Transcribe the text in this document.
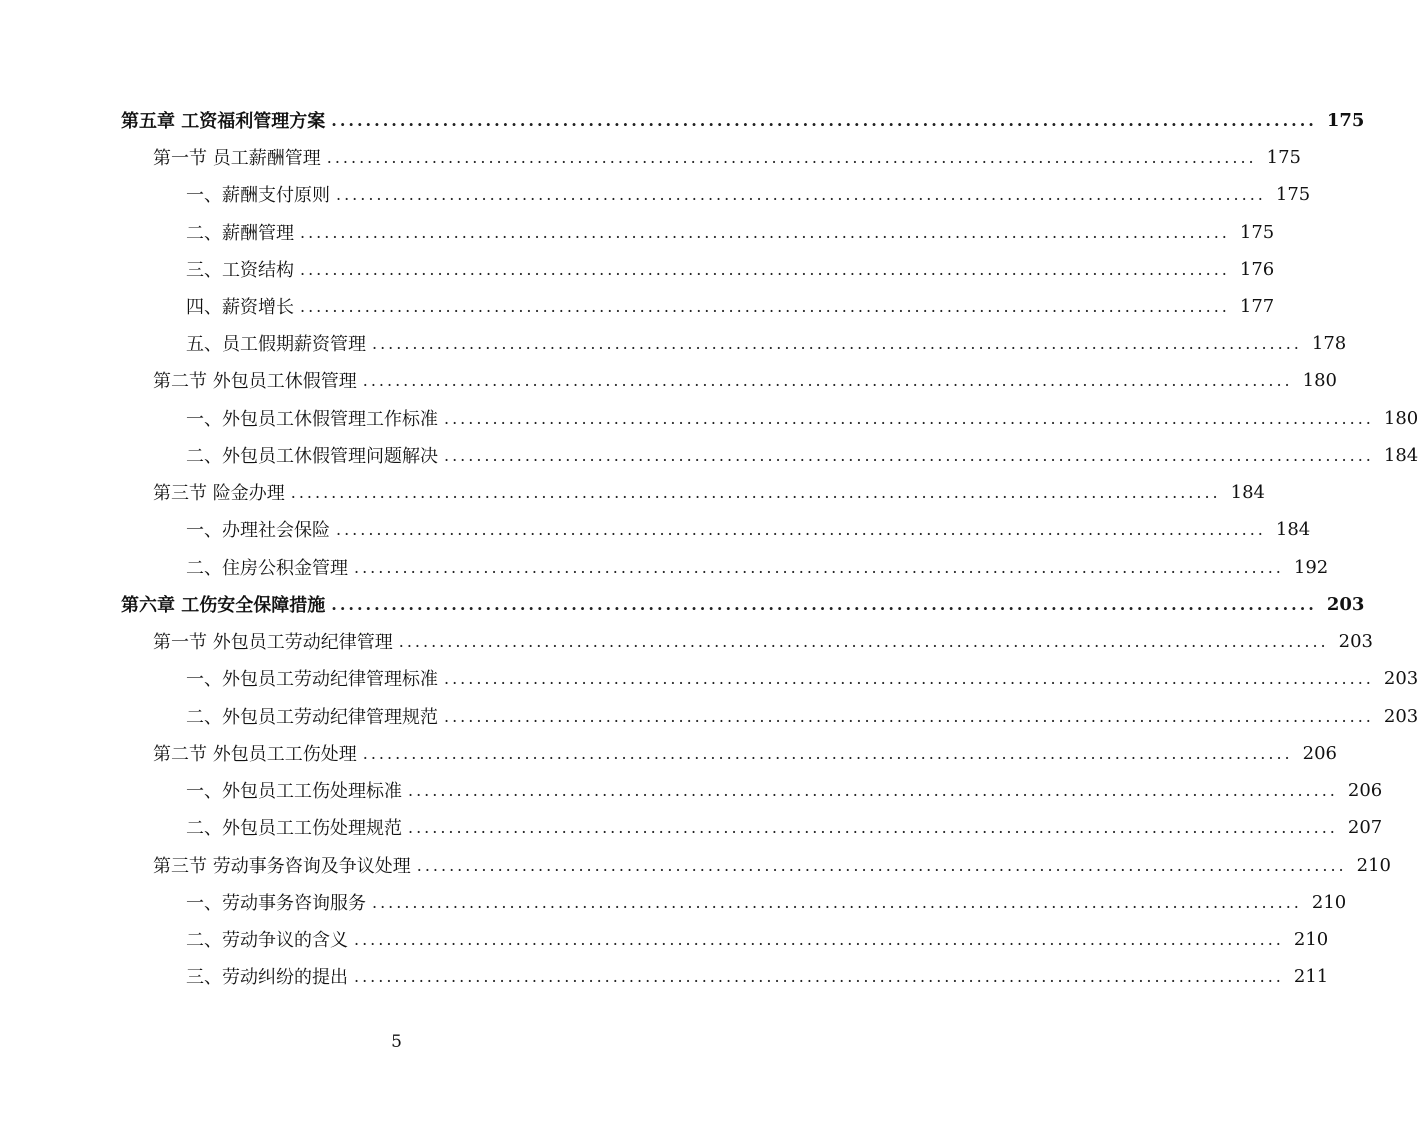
第五章 工资福利管理方案 ................................................................................................................... 175
第一节 员工薪酬管理 ................................................................................................................... 175
一、薪酬支付原则 ................................................................................................................... 175
二、薪酬管理 ................................................................................................................... 175
三、工资结构 ................................................................................................................... 176
四、薪资增长 ................................................................................................................... 177
五、员工假期薪资管理 ................................................................................................................... 178
第二节 外包员工休假管理 ................................................................................................................... 180
一、外包员工休假管理工作标准 ................................................................................................................... 180
二、外包员工休假管理问题解决 ................................................................................................................... 184
第三节 险金办理 ................................................................................................................... 184
一、办理社会保险 ................................................................................................................... 184
二、住房公积金管理 ................................................................................................................... 192
第六章 工伤安全保障措施 ................................................................................................................... 203
第一节 外包员工劳动纪律管理 ................................................................................................................... 203
一、外包员工劳动纪律管理标准 ................................................................................................................... 203
二、外包员工劳动纪律管理规范 ................................................................................................................... 203
第二节 外包员工工伤处理 ................................................................................................................... 206
一、外包员工工伤处理标准 ................................................................................................................... 206
二、外包员工工伤处理规范 ................................................................................................................... 207
第三节 劳动事务咨询及争议处理 ................................................................................................................... 210
一、劳动事务咨询服务 ................................................................................................................... 210
二、劳动争议的含义 ................................................................................................................... 210
三、劳动纠纷的提出 ................................................................................................................... 211
5
